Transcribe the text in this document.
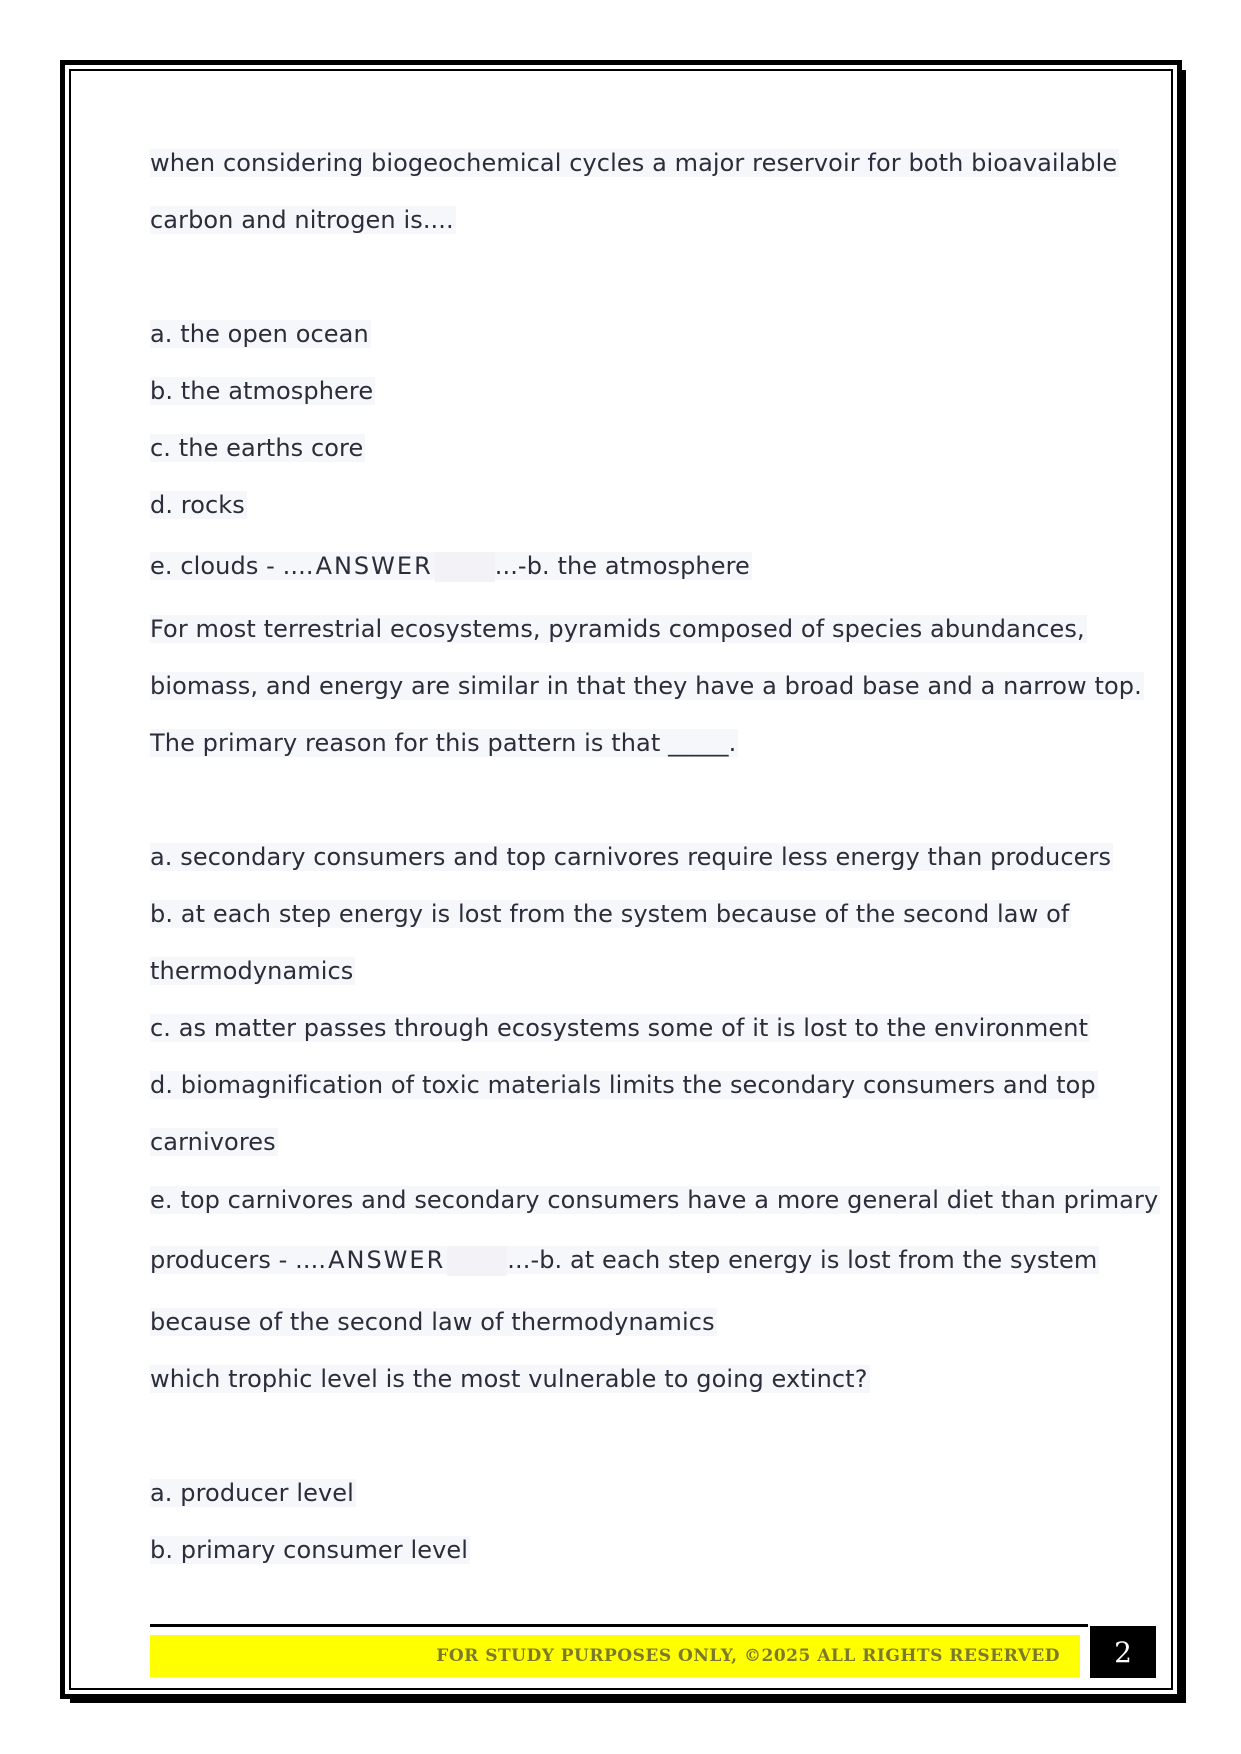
when considering biogeochemical cycles a major reservoir for both bioavailable
carbon and nitrogen is....
a. the open ocean
b. the atmosphere
c. the earths core
d. rocks
e. clouds - ....ANSWER	...-b. the atmosphere
For most terrestrial ecosystems, pyramids composed of species abundances,
biomass, and energy are similar in that they have a broad base and a narrow top.
The primary reason for this pattern is that _____.
a. secondary consumers and top carnivores require less energy than producers
b. at each step energy is lost from the system because of the second law of
thermodynamics
c. as matter passes through ecosystems some of it is lost to the environment
d. biomagnification of toxic materials limits the secondary consumers and top
carnivores
e. top carnivores and secondary consumers have a more general diet than primary
producers - ....ANSWER	...-b. at each step energy is lost from the system
because of the second law of thermodynamics
which trophic level is the most vulnerable to going extinct?
a. producer level
b. primary consumer level
FOR STUDY PURPOSES ONLY, ©2025 ALL RIGHTS RESERVED	2
